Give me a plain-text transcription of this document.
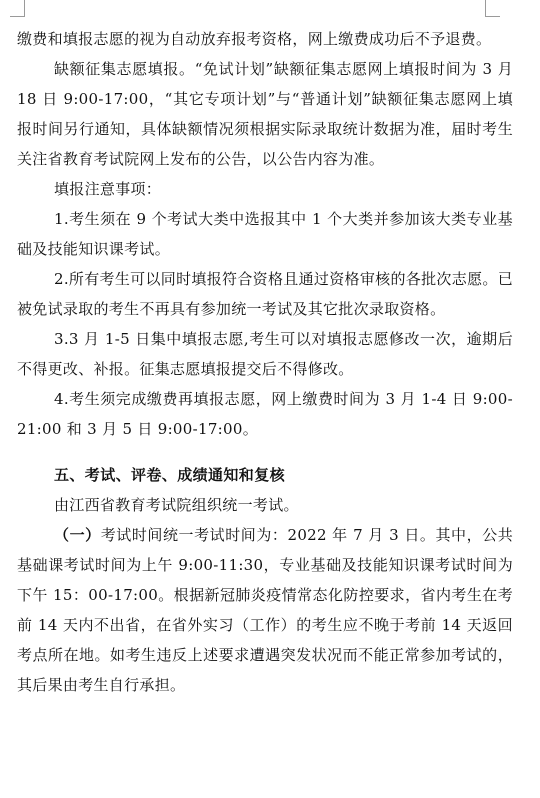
缴费和填报志愿的视为自动放弃报考资格，网上缴费成功后不予退费。

缺额征集志愿填报。“免试计划”缺额征集志愿网上填报时间为 3 月 18 日 9:00-17:00，“其它专项计划”与“普通计划”缺额征集志愿网上填报时间另行通知，具体缺额情况须根据实际录取统计数据为准，届时考生关注省教育考试院网上发布的公告，以公告内容为准。

填报注意事项：

1.考生须在 9 个考试大类中选报其中 1 个大类并参加该大类专业基础及技能知识课考试。

2.所有考生可以同时填报符合资格且通过资格审核的各批次志愿。已被免试录取的考生不再具有参加统一考试及其它批次录取资格。

3.3 月 1-5 日集中填报志愿,考生可以对填报志愿修改一次，逾期后不得更改、补报。征集志愿填报提交后不得修改。

4.考生须完成缴费再填报志愿，网上缴费时间为 3 月 1-4 日 9:00-21:00 和 3 月 5 日 9:00-17:00。

五、考试、评卷、成绩通知和复核

由江西省教育考试院组织统一考试。

（一）考试时间统一考试时间为：2022 年 7 月 3 日。其中，公共基础课考试时间为上午 9:00-11:30，专业基础及技能知识课考试时间为下午 15：00-17:00。根据新冠肺炎疫情常态化防控要求，省内考生在考前 14 天内不出省，在省外实习（工作）的考生应不晚于考前 14 天返回考点所在地。如考生违反上述要求遭遇突发状况而不能正常参加考试的，其后果由考生自行承担。
